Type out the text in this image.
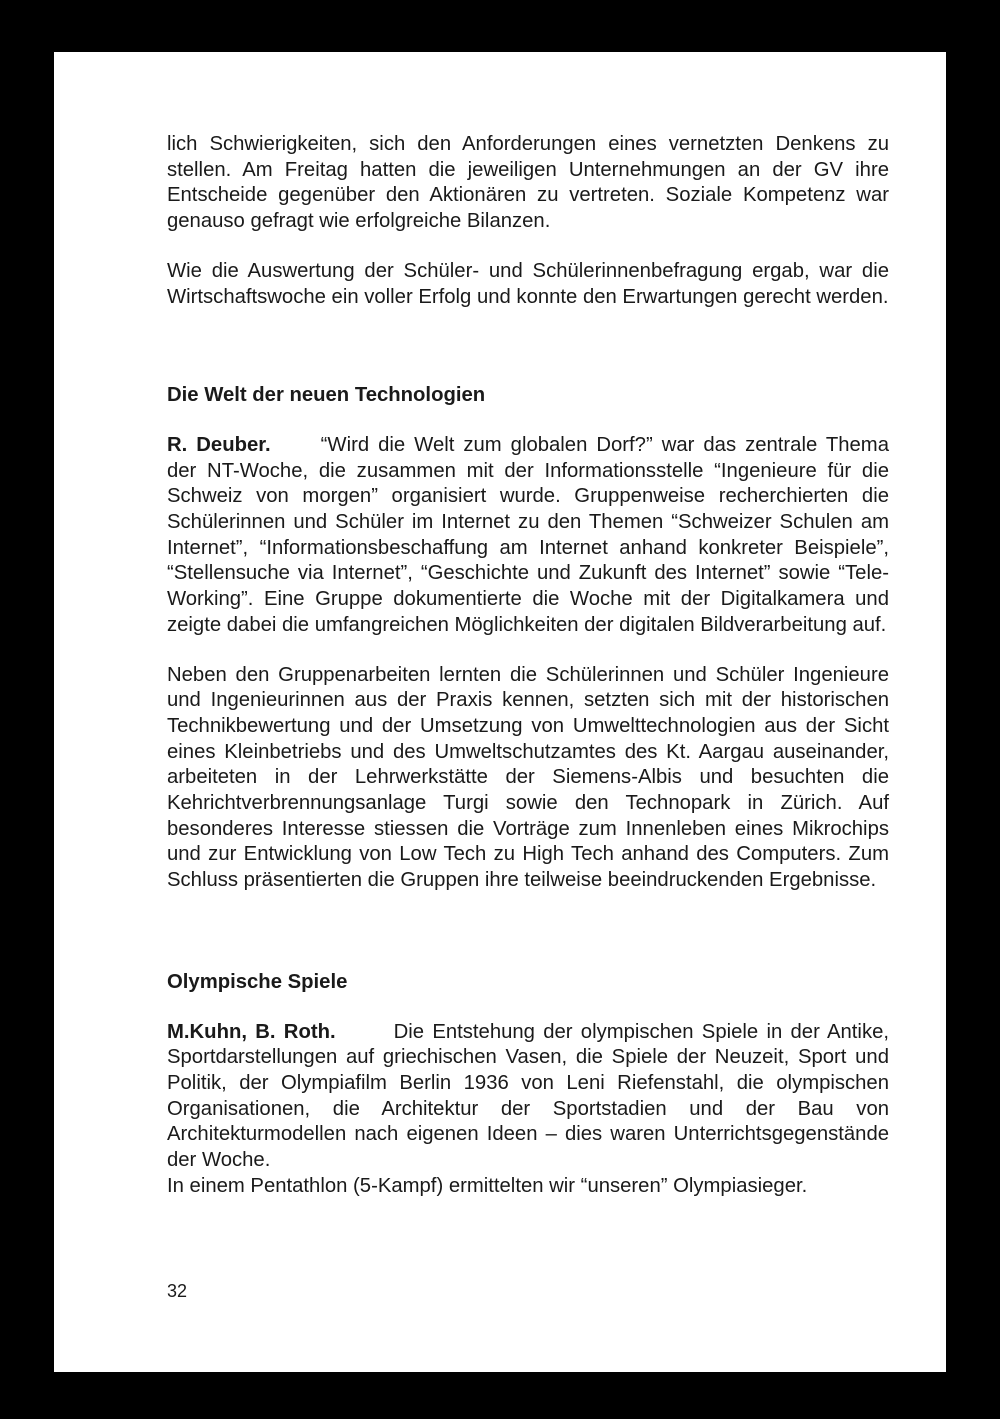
lich Schwierigkeiten, sich den Anforderungen eines vernetzten Denkens zu stellen. Am Freitag hatten die jeweiligen Unternehmungen an der GV ihre Entscheide gegenüber den Aktionären zu vertreten. Soziale Kompetenz war genauso gefragt wie erfolgreiche Bilanzen.

Wie die Auswertung der Schüler- und Schülerinnenbefragung ergab, war die Wirtschaftswoche ein voller Erfolg und konnte den Erwartungen gerecht werden.

Die Welt der neuen Technologien

R. Deuber. “Wird die Welt zum globalen Dorf?” war das zentrale Thema der NT-Woche, die zusammen mit der Informationsstelle “Ingenieure für die Schweiz von morgen” organisiert wurde. Gruppenweise recherchierten die Schülerinnen und Schüler im Internet zu den Themen “Schweizer Schulen am Internet”, “Informationsbeschaffung am Internet anhand konkreter Beispiele”, “Stellensuche via Internet”, “Geschichte und Zukunft des Internet” sowie “Tele-Working”. Eine Gruppe dokumentierte die Woche mit der Digitalkamera und zeigte dabei die umfangreichen Möglichkeiten der digitalen Bildverarbeitung auf.

Neben den Gruppenarbeiten lernten die Schülerinnen und Schüler Ingenieure und Ingenieurinnen aus der Praxis kennen, setzten sich mit der historischen Technikbewertung und der Umsetzung von Umwelttechnologien aus der Sicht eines Kleinbetriebs und des Umweltschutzamtes des Kt. Aargau auseinander, arbeiteten in der Lehrwerkstätte der Siemens-Albis und besuchten die Kehrichtverbrennungsanlage Turgi sowie den Technopark in Zürich. Auf besonderes Interesse stiessen die Vorträge zum Innenleben eines Mikrochips und zur Entwicklung von Low Tech zu High Tech anhand des Computers. Zum Schluss präsentierten die Gruppen ihre teilweise beeindruckenden Ergebnisse.

Olympische Spiele

M.Kuhn, B. Roth.	Die Entstehung der olympischen Spiele in der Antike, Sportdarstellungen auf griechischen Vasen, die Spiele der Neuzeit, Sport und Politik, der Olympiafilm Berlin 1936 von Leni Riefenstahl, die olympischen Organisationen, die Architektur der Sportstadien und der Bau von Architekturmodellen nach eigenen Ideen – dies waren Unterrichtsgegenstände der Woche.

In einem Pentathlon (5-Kampf) ermittelten wir “unseren” Olympiasieger.

32
